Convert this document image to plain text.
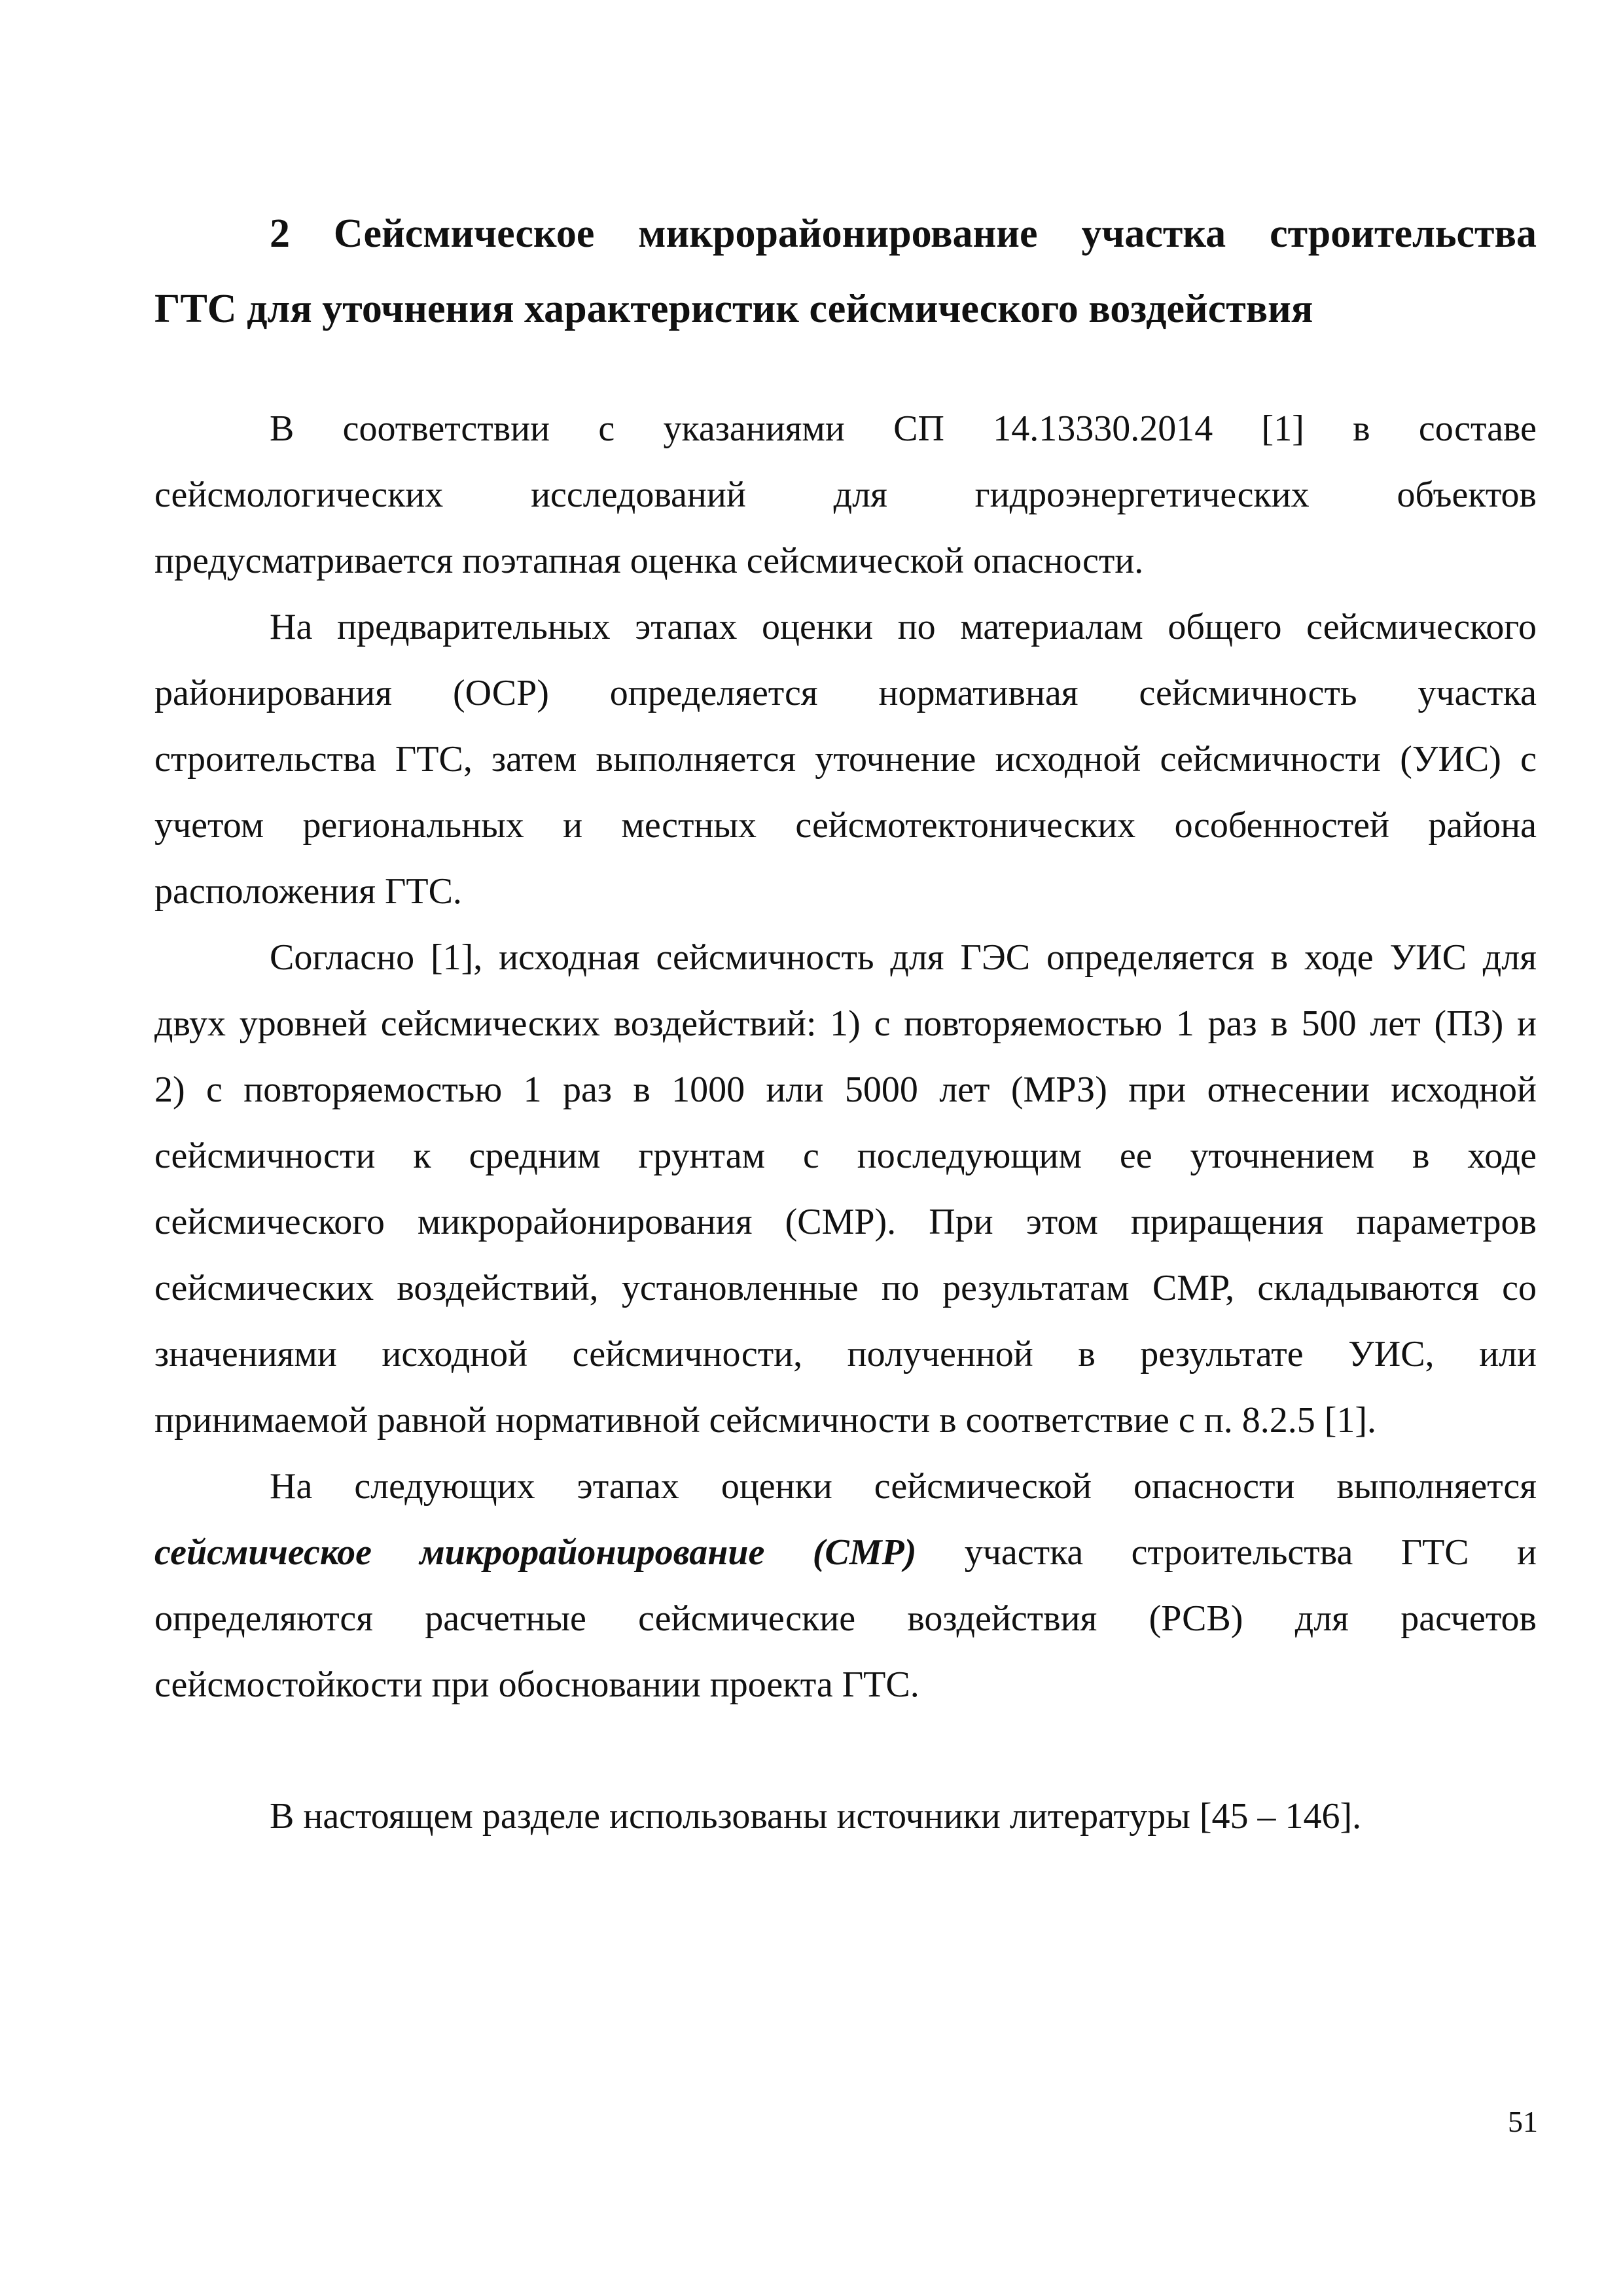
2 Сейсмическое микрорайонирование участка строительства
ГТС для уточнения характеристик сейсмического воздействия

В соответствии с указаниями СП 14.13330.2014 [1] в составе
сейсмологических исследований для гидроэнергетических объектов
предусматривается поэтапная оценка сейсмической опасности.

На предварительных этапах оценки по материалам общего сейсмического
районирования (ОСР) определяется нормативная сейсмичность участка
строительства ГТС, затем выполняется уточнение исходной сейсмичности (УИС) с
учетом региональных и местных сейсмотектонических особенностей района
расположения ГТС.

Согласно [1], исходная сейсмичность для ГЭС определяется в ходе УИС для
двух уровней сейсмических воздействий: 1) с повторяемостью 1 раз в 500 лет (ПЗ) и
2) с повторяемостью 1 раз в 1000 или 5000 лет (МРЗ) при отнесении исходной
сейсмичности к средним грунтам с последующим ее уточнением в ходе
сейсмического микрорайонирования (СМР). При этом приращения параметров
сейсмических воздействий, установленные по результатам СМР, складываются со
значениями исходной сейсмичности, полученной в результате УИС, или
принимаемой равной нормативной сейсмичности в соответствие с п. 8.2.5 [1].

На следующих этапах оценки сейсмической опасности выполняется
сейсмическое микрорайонирование (СМР) участка строительства ГТС и
определяются расчетные сейсмические воздействия (РСВ) для расчетов
сейсмостойкости при обосновании проекта ГТС.

В настоящем разделе использованы источники литературы [45 – 146].

51
